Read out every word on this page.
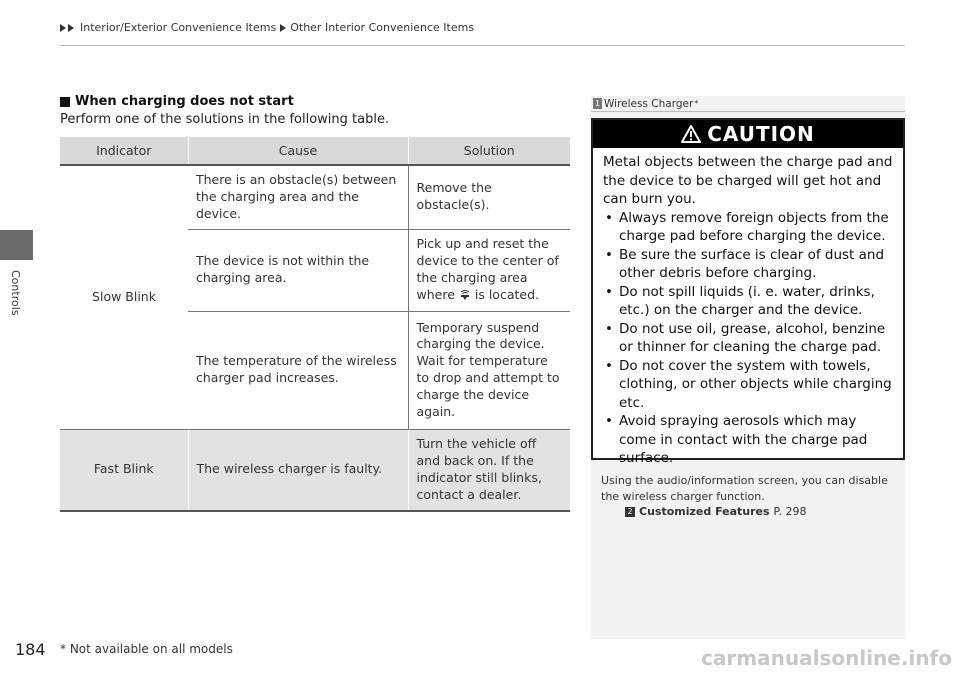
Interior/Exterior Convenience Items Other Interior Convenience Items
Controls
When charging does not start
Perform one of the solutions in the following table.
Indicator	Cause	Solution
Slow Blink	There is an obstacle(s) between the charging area and the device.	Remove the obstacle(s).
	The device is not within the charging area.	Pick up and reset the device to the center of the charging area where is located.
	The temperature of the wireless charger pad increases.	Temporary suspend charging the device. Wait for temperature to drop and attempt to charge the device again.
Fast Blink	The wireless charger is faulty.	Turn the vehicle off and back on. If the indicator still blinks, contact a dealer.
1 Wireless Charger *
CAUTION

Metal objects between the charge pad and the device to be charged will get hot and can burn you.

• Always remove foreign objects from the charge pad before charging the device.
• Be sure the surface is clear of dust and other debris before charging.
• Do not spill liquids (i. e. water, drinks, etc.) on the charger and the device.
• Do not use oil, grease, alcohol, benzine or thinner for cleaning the charge pad.
• Do not cover the system with towels, clothing, or other objects while charging etc.
• Avoid spraying aerosols which may come in contact with the charge pad surface.
Using the audio/information screen, you can disable the wireless charger function.
2 Customized Features P. 298
184 * Not available on all models	carmanualsonline.info
